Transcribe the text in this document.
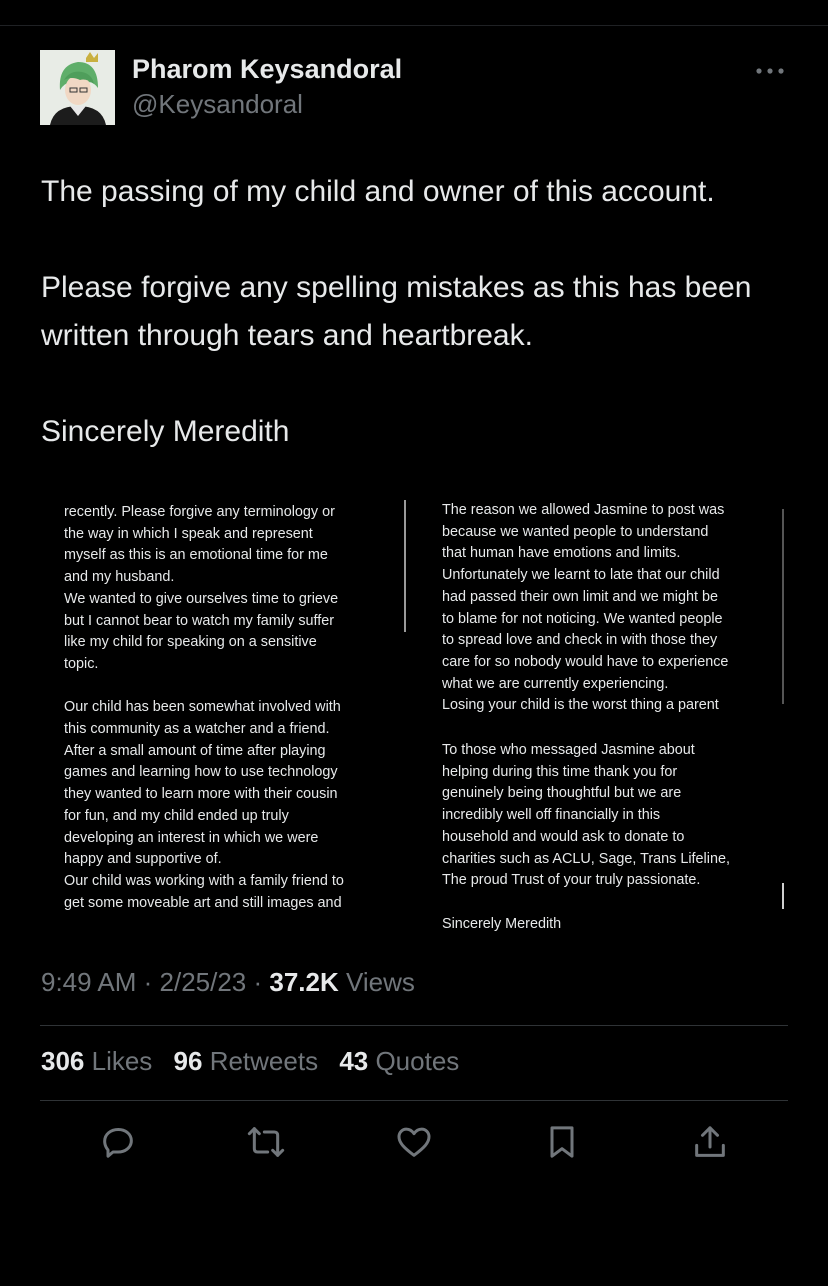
Pharom Keysandoral
@Keysandoral

The passing of my child and owner of this account.

Please forgive any spelling mistakes as this has been written through tears and heartbreak.

Sincerely Meredith

recently. Please forgive any terminology or

the way in which I speak and represent

myself as this is an emotional time for me

and my husband.

We wanted to give ourselves time to grieve

but I cannot bear to watch my family suffer

like my child for speaking on a sensitive

topic.

Our child has been somewhat involved with

this community as a watcher and a friend.

After a small amount of time after playing

games and learning how to use technology

they wanted to learn more with their cousin

for fun, and my child ended up truly

developing an interest in which we were

happy and supportive of.

Our child was working with a family friend to

get some moveable art and still images and

The reason we allowed Jasmine to post was

because we wanted people to understand

that human have emotions and limits.

Unfortunately we learnt to late that our child

had passed their own limit and we might be

to blame for not noticing. We wanted people

to spread love and check in with those they

care for so nobody would have to experience

what we are currently experiencing.

Losing your child is the worst thing a parent

To those who messaged Jasmine about

helping during this time thank you for

genuinely being thoughtful but we are

incredibly well off financially in this

household and would ask to donate to

charities such as ACLU, Sage, Trans Lifeline,

The proud Trust of your truly passionate.

Sincerely Meredith

9:49 AM · 2/25/23 · 37.2K Views
306 Likes 96 Retweets 43 Quotes
